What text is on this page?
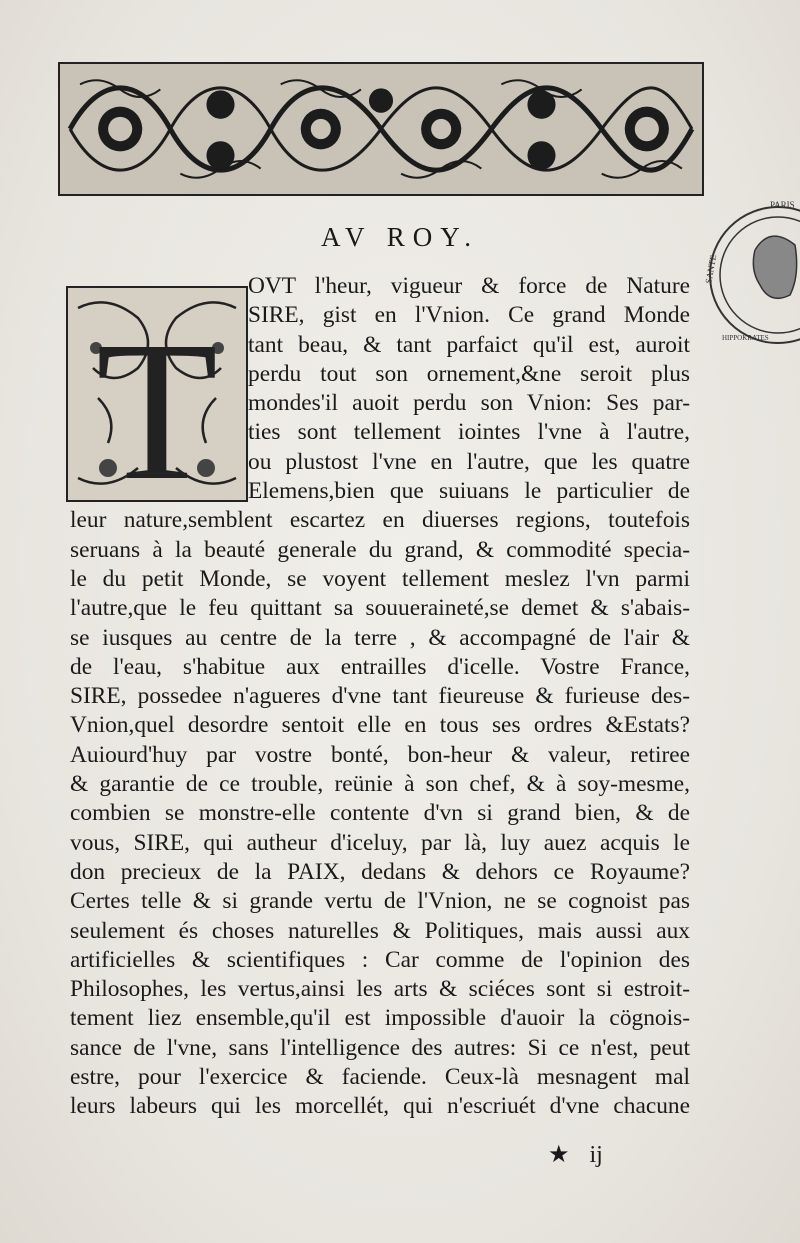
PARIS
SANTE
HIPPOKRATES
AV ROY.
T
OVT l'heur, vigueur & force de Nature
SIRE, gist en l'Vnion. Ce grand Monde
tant beau, & tant parfaict qu'il est, auroit
perdu tout son ornement,&ne seroit plus
mondes'il auoit perdu son Vnion: Ses par-
ties sont tellement iointes l'vne à l'autre,
ou plustost l'vne en l'autre, que les quatre
Elemens,bien que suiuans le particulier de
leur nature,semblent escartez en diuerses regions, toutefois
seruans à la beauté generale du grand, & commodité specia-
le du petit Monde, se voyent tellement meslez l'vn parmi
l'autre,que le feu quittant sa souueraineté,se demet & s'abais-
se iusques au centre de la terre , & accompagné de l'air &
de l'eau, s'habitue aux entrailles d'icelle. Vostre France,
SIRE, possedee n'agueres d'vne tant fieureuse & furieuse des-
Vnion,quel desordre sentoit elle en tous ses ordres &Estats?
Auiourd'huy par vostre bonté, bon-heur & valeur, retiree
& garantie de ce trouble, reünie à son chef, & à soy-mesme,
combien se monstre-elle contente d'vn si grand bien, & de
vous, SIRE, qui autheur d'iceluy, par là, luy auez acquis le
don precieux de la PAIX, dedans & dehors ce Royaume?
Certes telle & si grande vertu de l'Vnion, ne se cognoist pas
seulement és choses naturelles & Politiques, mais aussi aux
artificielles & scientifiques : Car comme de l'opinion des
Philosophes, les vertus,ainsi les arts & sciéces sont si estroit-
tement liez ensemble,qu'il est impossible d'auoir la cögnois-
sance de l'vne, sans l'intelligence des autres: Si ce n'est, peut
estre, pour l'exercice & faciende. Ceux-là mesnagent mal
leurs labeurs qui les morcellét, qui n'escriuét d'vne chacune
★ ij
